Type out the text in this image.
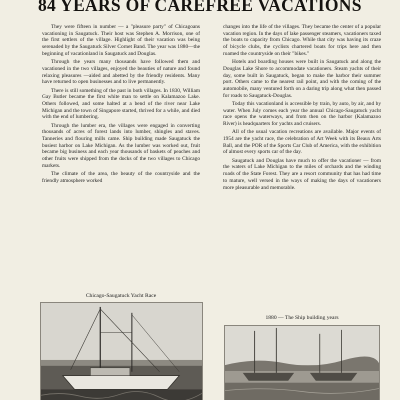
84 YEARS OF CAREFREE VACATIONS

They were fifteen in number — a "pleasure party" of Chicagoans vacationing in Saugatuck. Their host was Stephen A. Morrison, one of the first settlers of the village. Highlight of their vacation was being serenaded by the Saugatuck Silver Cornet Band. The year was 1880—the beginning of vacationland in Saugatuck and Douglas.

Through the years many thousands have followed them and vacationed in the two villages, enjoyed the beauties of nature and found relaxing pleasures —aided and abetted by the friendly residents. Many have returned to open businesses and to live permanently.

There is still something of the past in both villages. In 1830, William Gay Butler became the first white man to settle on Kalamazoo Lake. Others followed, and some halted at a bend of the river near Lake Michigan and the town of Singapore started, thrived for a while, and died with the end of lumbering.

Through the lumber era, the villages were engaged in converting thousands of acres of forest lands into lumber, shingles and staves. Tanneries and flouring mills came. Ship building made Saugatuck the busiest harbor on Lake Michigan. As the lumber was worked out, fruit became big business and each year thousands of baskets of peaches and other fruits were shipped from the docks of the two villages to Chicago markets.

The climate of the area, the beauty of the countryside and the friendly atmosphere worked

changes into the life of the villages. They became the center of a popular vacation region. In the days of lake passenger steamers, vacationers taxed the boats to capacity from Chicago. While that city was having its craze of bicycle clubs, the cyclists chartered boats for trips here and then roamed the countryside on their "bikes."

Hotels and boarding houses were built in Saugatuck and along the Douglas Lake Shore to accommodate vacationers. Steam yachts of their day, some built in Saugatuck, began to make the harbor their summer port. Others came to the nearest rail point, and with the coming of the automobile, many ventured forth on a daring trip along what then passed for roads to Saugatuck-Douglas.

Today this vacationland is accessible by train, by auto, by air, and by water. When July comes each year the annual Chicago-Saugatuck yacht race opens the waterways, and from then on the harbor (Kalamazoo River) is headquarters for yachts and cruisers.

All of the usual vacation recreations are available. Major events of 1954 are the yacht race, the celebration of Art Week with its Beaux Arts Ball, and the POR of the Sports Car Club of America, with the exhibition of almost every sports car of the day.

Saugatuck and Douglas have much to offer the vacationer — from the waters of Lake Michigan to the miles of orchards and the winding roads of the State Forest. They are a resort community that has had time to mature, well versed in the ways of making the days of vacationers more pleasurable and memorable.

Chicago-Saugatuck Yacht Race
1880 — The Ship building years
